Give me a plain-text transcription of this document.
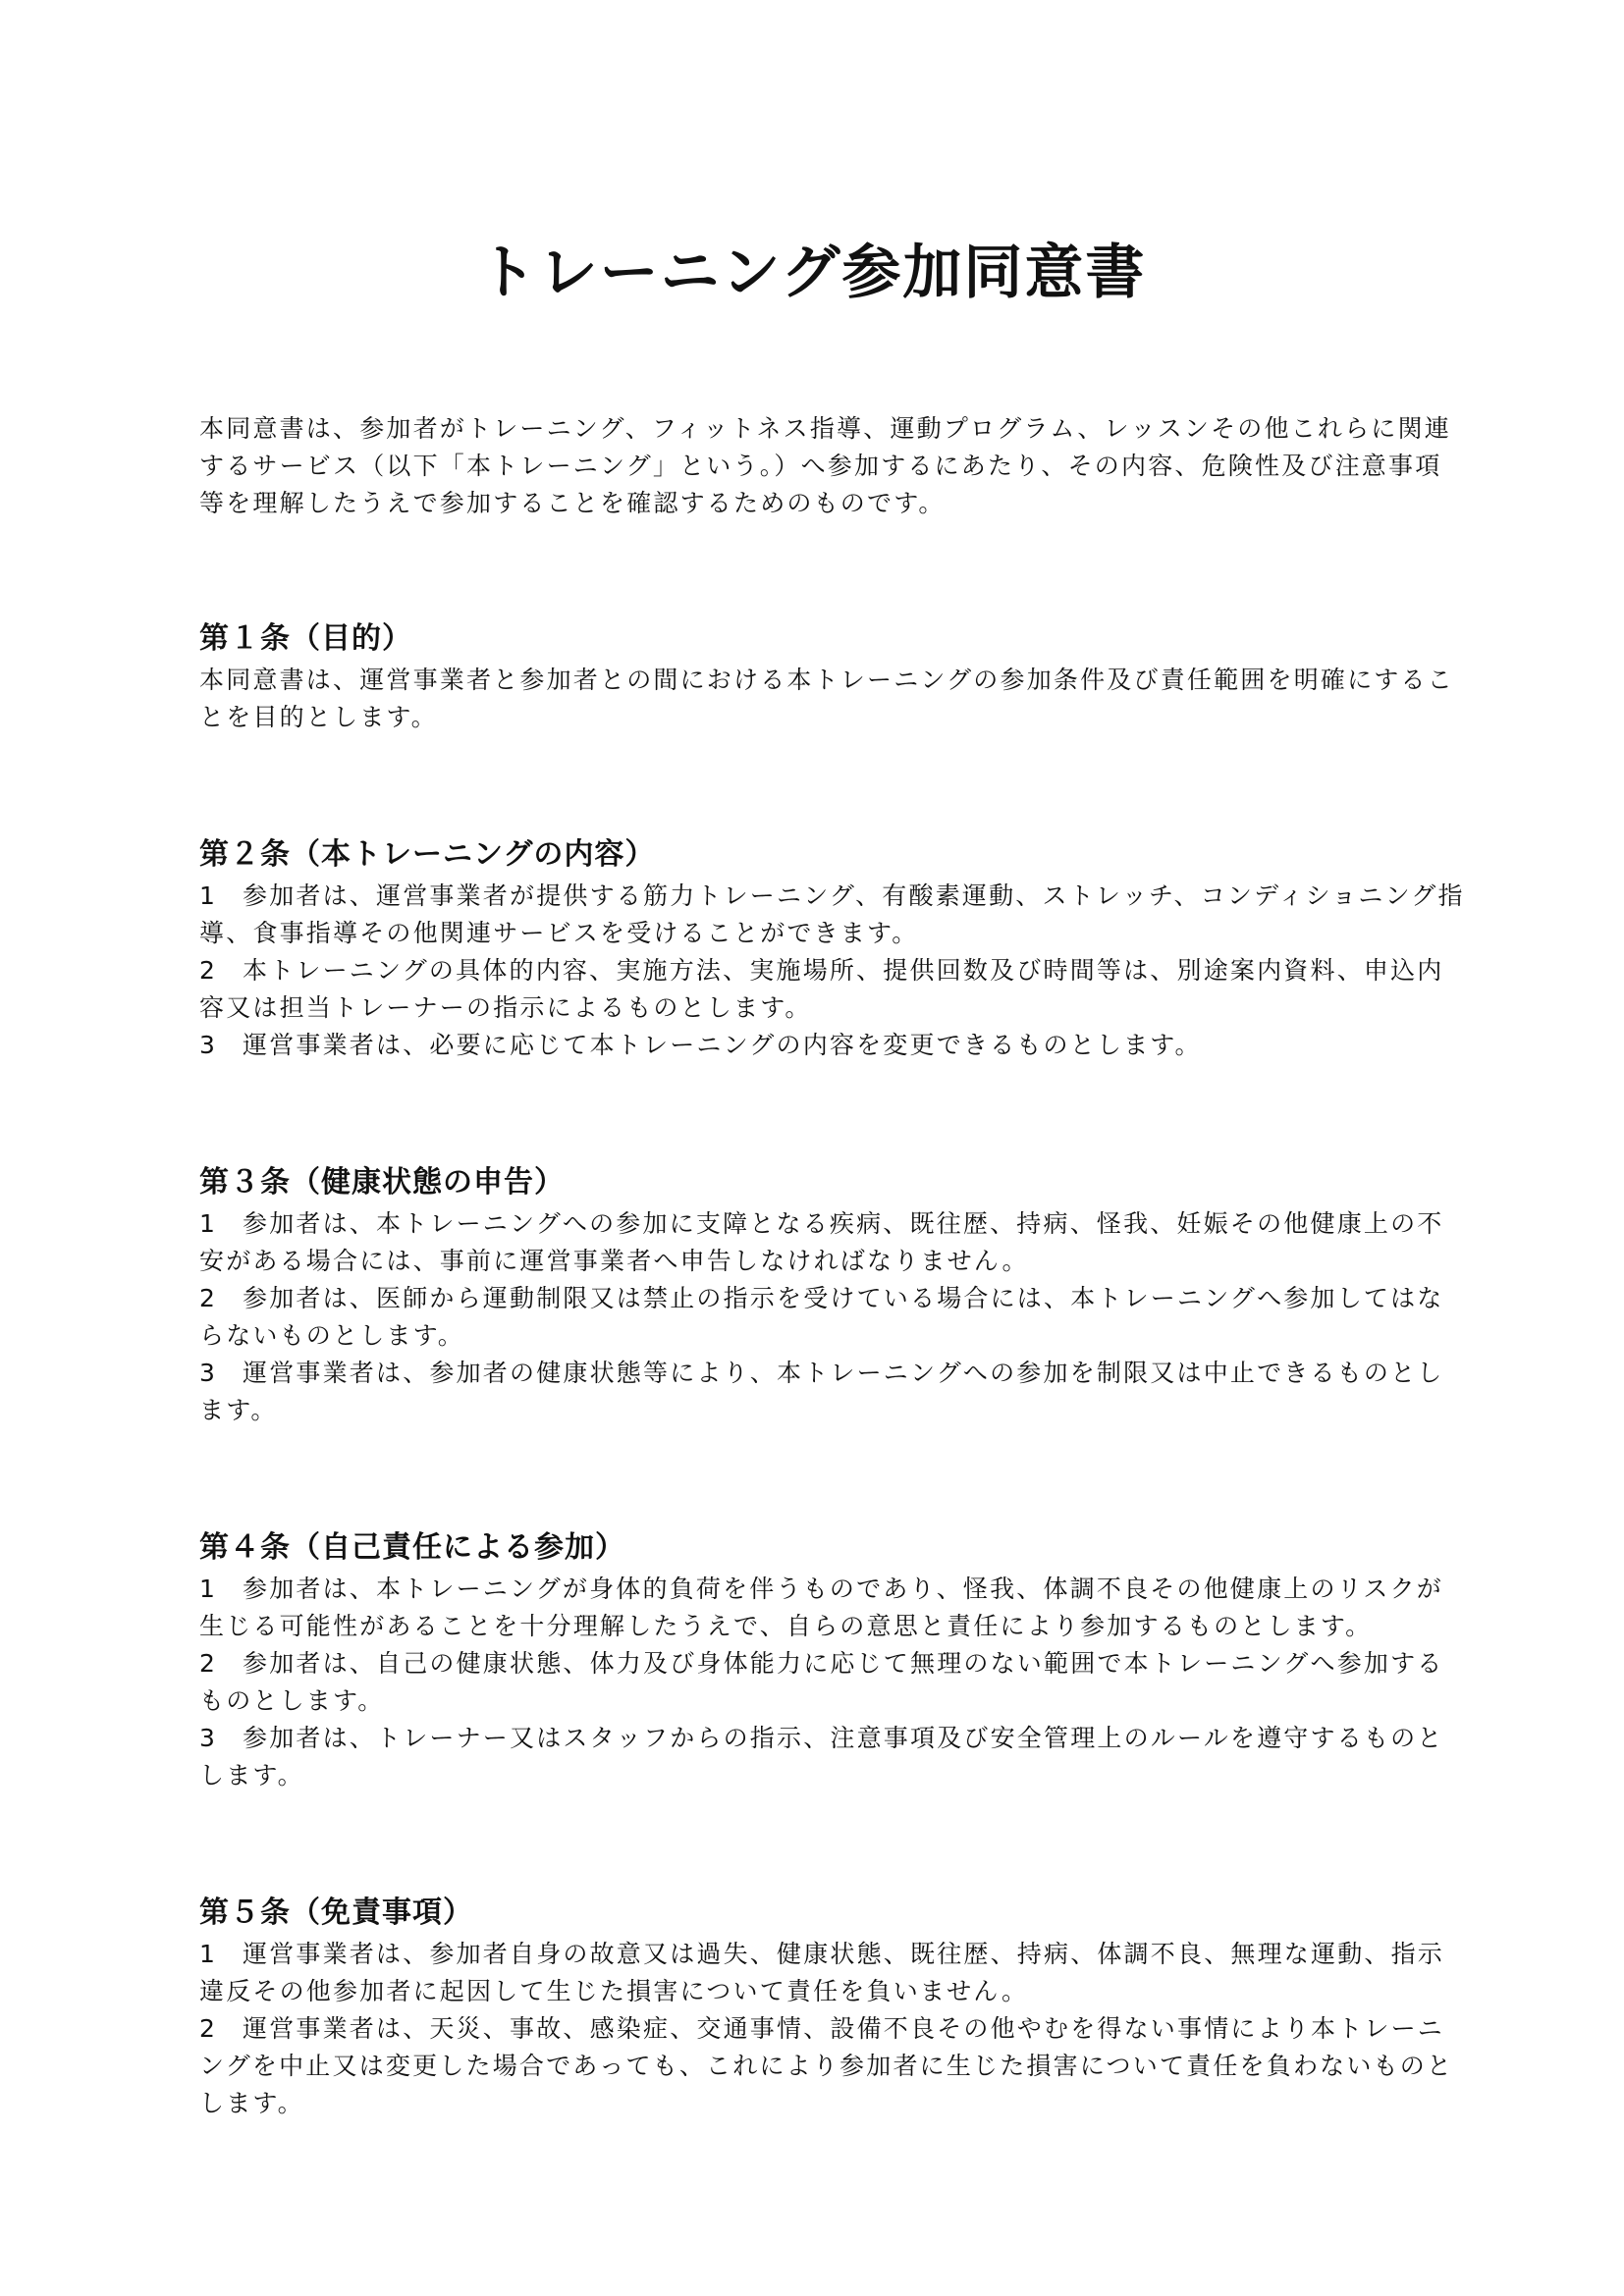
トレーニング参加同意書

本同意書は、参加者がトレーニング、フィットネス指導、運動プログラム、レッスンその他これらに関連するサービス（以下「本トレーニング」という。）へ参加するにあたり、その内容、危険性及び注意事項等を理解したうえで参加することを確認するためのものです。

第１条（目的）

本同意書は、運営事業者と参加者との間における本トレーニングの参加条件及び責任範囲を明確にすることを目的とします。

第２条（本トレーニングの内容）

1 参加者は、運営事業者が提供する筋力トレーニング、有酸素運動、ストレッチ、コンディショニング指導、食事指導その他関連サービスを受けることができます。

2 本トレーニングの具体的内容、実施方法、実施場所、提供回数及び時間等は、別途案内資料、申込内容又は担当トレーナーの指示によるものとします。

3 運営事業者は、必要に応じて本トレーニングの内容を変更できるものとします。

第３条（健康状態の申告）

1 参加者は、本トレーニングへの参加に支障となる疾病、既往歴、持病、怪我、妊娠その他健康上の不安がある場合には、事前に運営事業者へ申告しなければなりません。

2 参加者は、医師から運動制限又は禁止の指示を受けている場合には、本トレーニングへ参加してはならないものとします。

3 運営事業者は、参加者の健康状態等により、本トレーニングへの参加を制限又は中止できるものとします。

第４条（自己責任による参加）

1 参加者は、本トレーニングが身体的負荷を伴うものであり、怪我、体調不良その他健康上のリスクが生じる可能性があることを十分理解したうえで、自らの意思と責任により参加するものとします。

2 参加者は、自己の健康状態、体力及び身体能力に応じて無理のない範囲で本トレーニングへ参加するものとします。

3 参加者は、トレーナー又はスタッフからの指示、注意事項及び安全管理上のルールを遵守するものとします。

第５条（免責事項）

1 運営事業者は、参加者自身の故意又は過失、健康状態、既往歴、持病、体調不良、無理な運動、指示違反その他参加者に起因して生じた損害について責任を負いません。

2 運営事業者は、天災、事故、感染症、交通事情、設備不良その他やむを得ない事情により本トレーニングを中止又は変更した場合であっても、これにより参加者に生じた損害について責任を負わないものとします。
